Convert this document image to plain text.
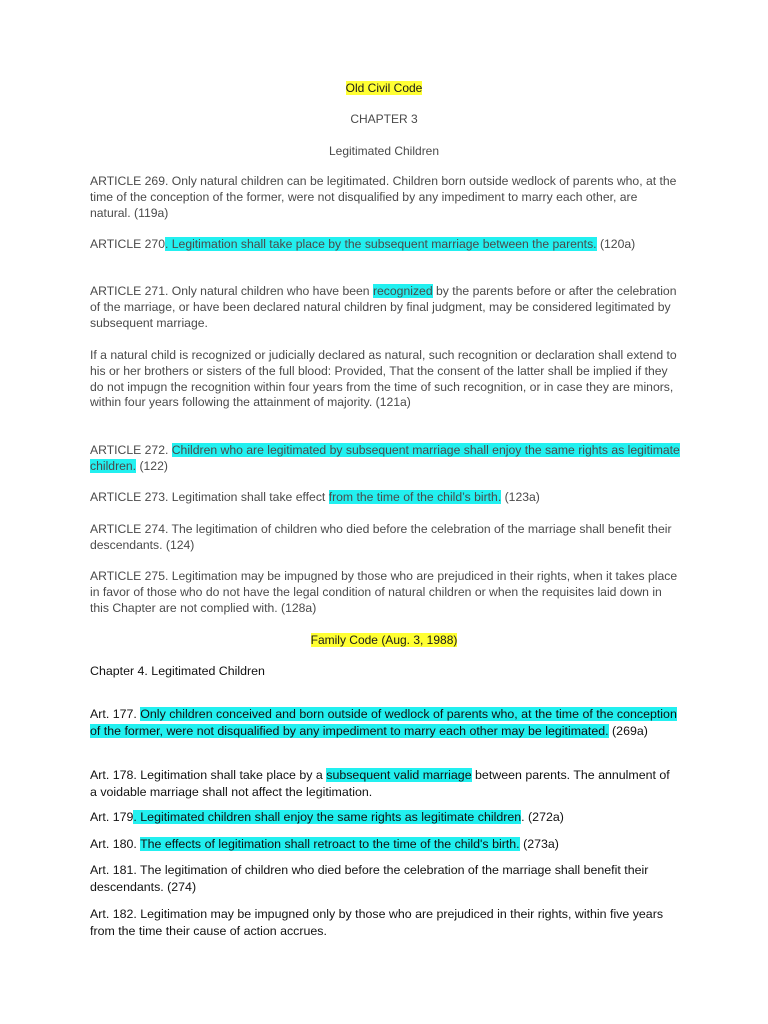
Old Civil Code

CHAPTER 3

Legitimated Children

ARTICLE 269. Only natural children can be legitimated. Children born outside wedlock of parents who, at the time of the conception of the former, were not disqualified by any impediment to marry each other, are natural. (119a)

ARTICLE 270. Legitimation shall take place by the subsequent marriage between the parents. (120a)

ARTICLE 271. Only natural children who have been recognized by the parents before or after the celebration of the marriage, or have been declared natural children by final judgment, may be considered legitimated by subsequent marriage.

If a natural child is recognized or judicially declared as natural, such recognition or declaration shall extend to his or her brothers or sisters of the full blood: Provided, That the consent of the latter shall be implied if they do not impugn the recognition within four years from the time of such recognition, or in case they are minors, within four years following the attainment of majority. (121a)

ARTICLE 272. Children who are legitimated by subsequent marriage shall enjoy the same rights as legitimate children. (122)

ARTICLE 273. Legitimation shall take effect from the time of the child’s birth. (123a)

ARTICLE 274. The legitimation of children who died before the celebration of the marriage shall benefit their descendants. (124)

ARTICLE 275. Legitimation may be impugned by those who are prejudiced in their rights, when it takes place in favor of those who do not have the legal condition of natural children or when the requisites laid down in this Chapter are not complied with. (128a)

Family Code (Aug. 3, 1988)

Chapter 4. Legitimated Children

Art. 177. Only children conceived and born outside of wedlock of parents who, at the time of the conception of the former, were not disqualified by any impediment to marry each other may be legitimated. (269a)

Art. 178. Legitimation shall take place by a subsequent valid marriage between parents. The annulment of a voidable marriage shall not affect the legitimation.

Art. 179. Legitimated children shall enjoy the same rights as legitimate children. (272a)

Art. 180. The effects of legitimation shall retroact to the time of the child's birth. (273a)

Art. 181. The legitimation of children who died before the celebration of the marriage shall benefit their descendants. (274)

Art. 182. Legitimation may be impugned only by those who are prejudiced in their rights, within five years from the time their cause of action accrues.
